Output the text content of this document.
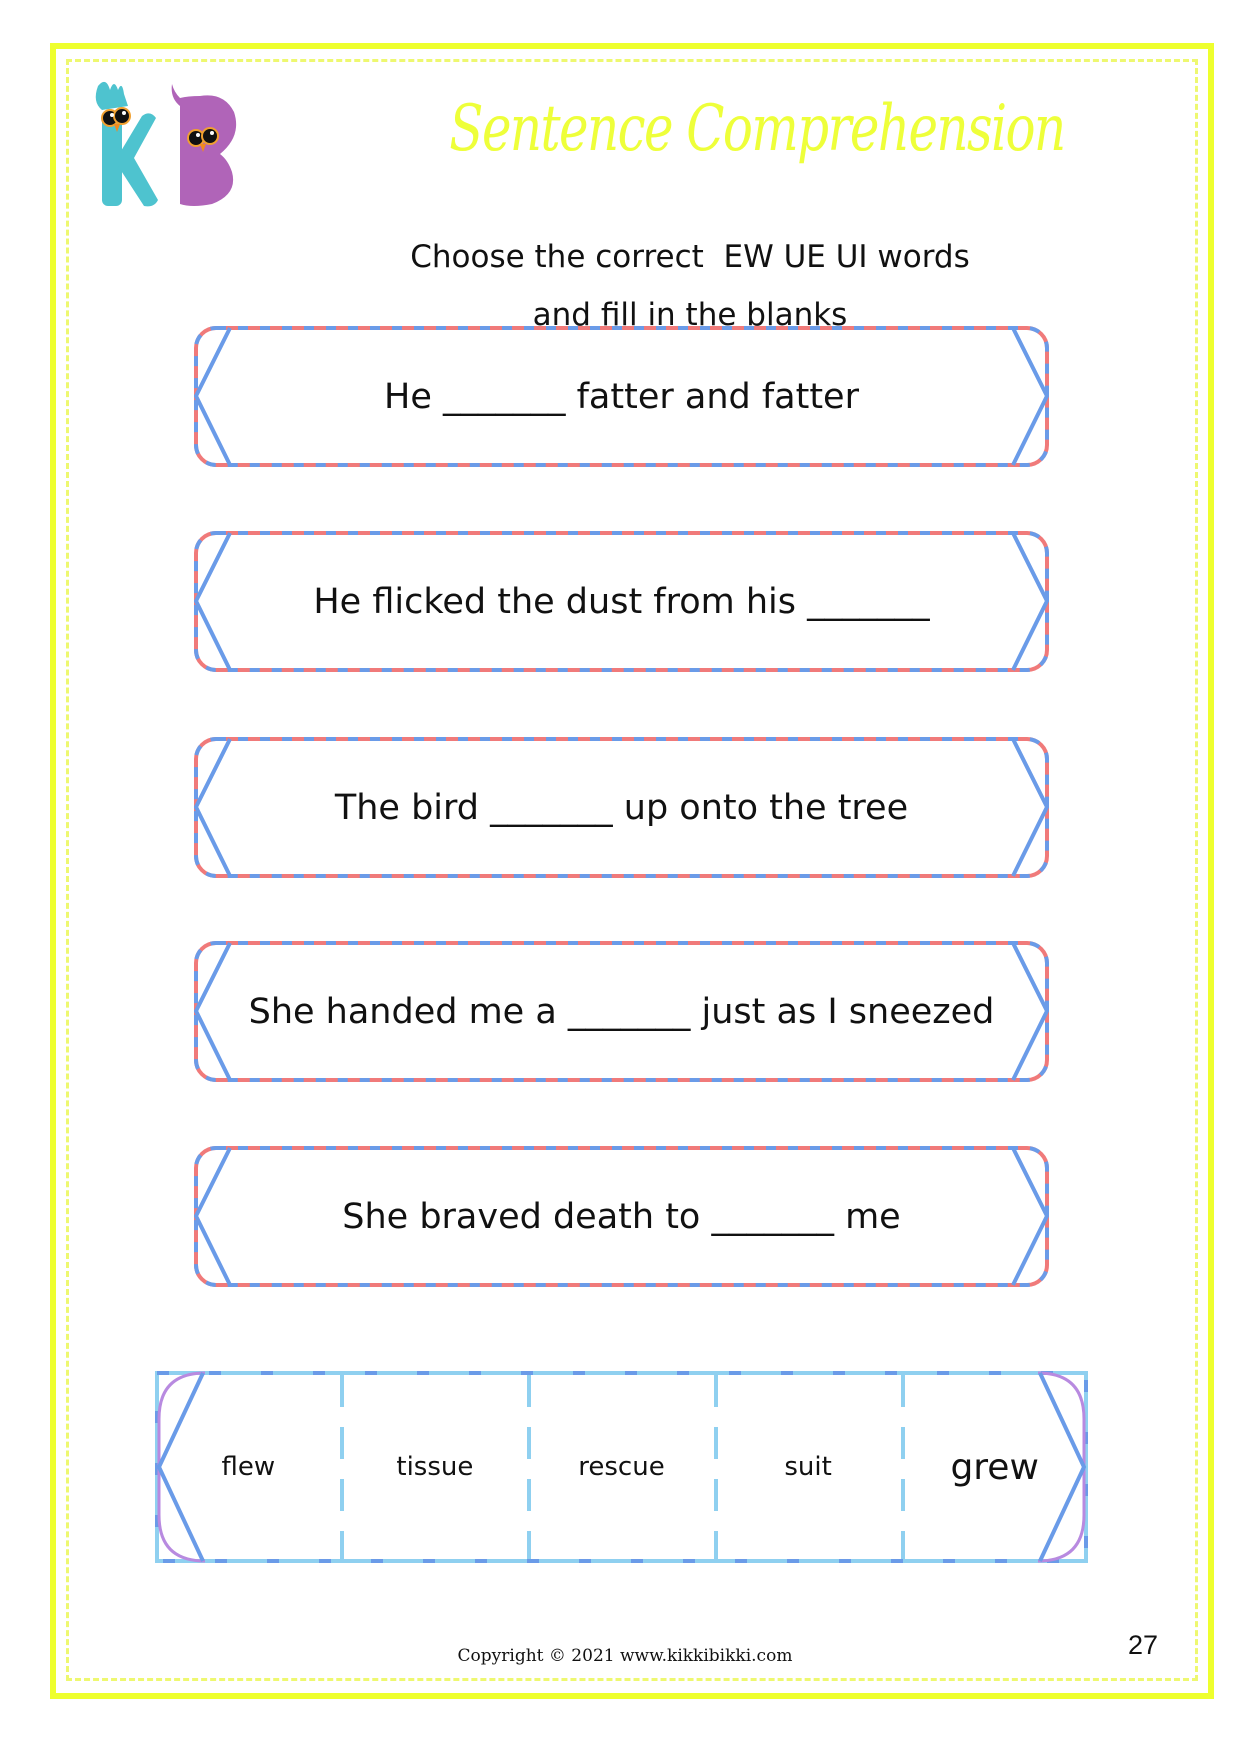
Sentence Comprehension
Choose the correct  EW UE UI words
and fill in the blanks
He _______ fatter and fatter
He flicked the dust from his _______
The bird _______ up onto the tree
She handed me a _______ just as I sneezed
She braved death to _______ me
flew	tissue	rescue	suit	grew
Copyright © 2021 www.kikkibikki.com	27
